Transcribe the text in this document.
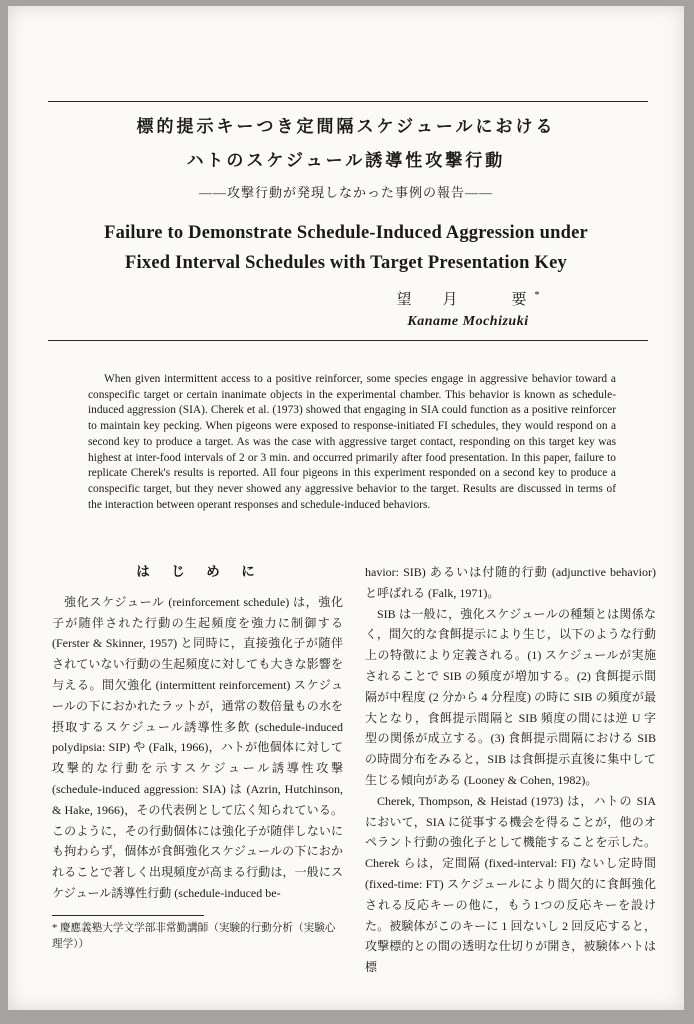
標的提示キーつき定間隔スケジュールにおける
ハトのスケジュール誘導性攻撃行動
――攻撃行動が発現しなかった事例の報告――
Failure to Demonstrate Schedule-Induced Aggression under
Fixed Interval Schedules with Target Presentation Key
望　月　　要*
Kaname Mochizuki

When given intermittent access to a positive reinforcer, some species engage in aggressive behavior toward a conspecific target or certain inanimate objects in the experimental chamber. This behavior is known as schedule-induced aggression (SIA). Cherek et al. (1973) showed that engaging in SIA could function as a positive reinforcer to maintain key pecking. When pigeons were exposed to response-initiated FI schedules, they would respond on a second key to produce a target. As was the case with aggressive target contact, responding on this target key was highest at inter-food intervals of 2 or 3 min. and occurred primarily after food presentation. In this paper, failure to replicate Cherek's results is reported. All four pigeons in this experiment responded on a second key to produce a conspecific target, but they never showed any aggressive behavior to the target. Results are discussed in terms of the interaction between operant responses and schedule-induced behaviors.

は　じ　め　に

強化スケジュール (reinforcement schedule) は，強化子が随伴された行動の生起頻度を強力に制御する (Ferster & Skinner, 1957) と同時に，直接強化子が随伴されていない行動の生起頻度に対しても大きな影響を与える。間欠強化 (intermittent reinforcement) スケジュールの下におかれたラットが，通常の数倍量もの水を摂取するスケジュール誘導性多飲 (schedule-induced polydipsia: SIP) や (Falk, 1966)，ハトが他個体に対して攻撃的な行動を示すスケジュール誘導性攻撃 (schedule-induced aggression: SIA) は (Azrin, Hutchinson, & Hake, 1966)，その代表例として広く知られている。このように，その行動個体には強化子が随伴しないにも拘わらず，個体が食餌強化スケジュールの下におかれることで著しく出現頻度が高まる行動は，一般にスケジュール誘導性行動 (schedule-induced be-

* 慶應義塾大学文学部非常勤講師（実験的行動分析（実験心理学））

havior: SIB) あるいは付随的行動 (adjunctive behavior) と呼ばれる (Falk, 1971)。

SIB は一般に，強化スケジュールの種類とは関係なく，間欠的な食餌提示により生じ，以下のような行動上の特徴により定義される。(1) スケジュールが実施されることで SIB の頻度が増加する。(2) 食餌提示間隔が中程度 (2 分から 4 分程度) の時に SIB の頻度が最大となり，食餌提示間隔と SIB 頻度の間には逆 U 字型の関係が成立する。(3) 食餌提示間隔における SIB の時間分布をみると，SIB は食餌提示直後に集中して生じる傾向がある (Looney & Cohen, 1982)。

Cherek, Thompson, & Heistad (1973) は，ハトの SIA において，SIA に従事する機会を得ることが，他のオペラント行動の強化子として機能することを示した。Cherek らは，定間隔 (fixed-interval: FI) ないし定時間 (fixed-time: FT) スケジュールにより間欠的に食餌強化される反応キーの他に，もう1つの反応キーを設けた。被験体がこのキーに 1 回ないし 2 回反応すると，攻撃標的との間の透明な仕切りが開き，被験体ハトは標
